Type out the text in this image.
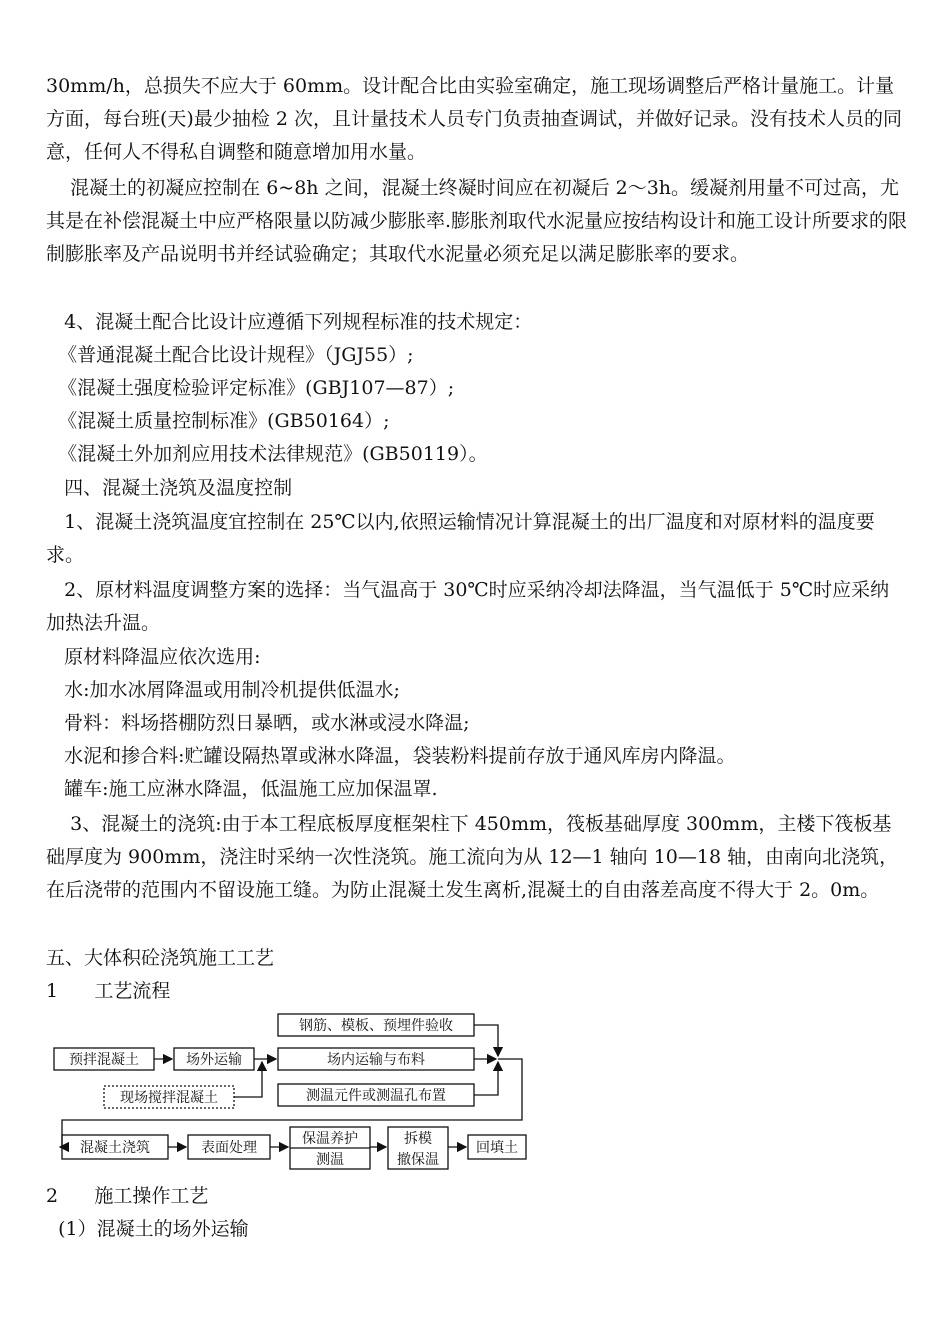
30mm/h，总损失不应大于 60mm。设计配合比由实验室确定，施工现场调整后严格计量施工。计量方面，每台班(天)最少抽检 2 次，且计量技术人员专门负责抽查调试，并做好记录。没有技术人员的同意，任何人不得私自调整和随意增加用水量。

混凝土的初凝应控制在 6~8h 之间，混凝土终凝时间应在初凝后 2～3h。缓凝剂用量不可过高，尤其是在补偿混凝土中应严格限量以防减少膨胀率.膨胀剂取代水泥量应按结构设计和施工设计所要求的限制膨胀率及产品说明书并经试验确定；其取代水泥量必须充足以满足膨胀率的要求。

4、混凝土配合比设计应遵循下列规程标准的技术规定：

《普通混凝土配合比设计规程》（JGJ55）;

《混凝土强度检验评定标准》(GBJ107—87）;

《混凝土质量控制标准》(GB50164）;

《混凝土外加剂应用技术法律规范》(GB50119）。

四、混凝土浇筑及温度控制

1、混凝土浇筑温度宜控制在 25℃以内,依照运输情况计算混凝土的出厂温度和对原材料的温度要求。

2、原材料温度调整方案的选择：当气温高于 30℃时应采纳冷却法降温，当气温低于 5℃时应采纳加热法升温。

原材料降温应依次选用:

水:加水冰屑降温或用制冷机提供低温水;

骨料：料场搭棚防烈日暴晒，或水淋或浸水降温;

水泥和掺合料:贮罐设隔热罩或淋水降温，袋装粉料提前存放于通风库房内降温。

罐车:施工应淋水降温，低温施工应加保温罩.

3、混凝土的浇筑:由于本工程底板厚度框架柱下 450mm，筏板基础厚度 300mm，主楼下筏板基础厚度为 900mm，浇注时采纳一次性浇筑。施工流向为从 12—1 轴向 10—18 轴，由南向北浇筑，在后浇带的范围内不留设施工缝。为防止混凝土发生离析,混凝土的自由落差高度不得大于 2。0m。

五、大体积砼浇筑施工工艺

1      工艺流程

预拌混凝土	场外运输
现场搅拌混凝土
钢筋、模板、预埋件验收
场内运输与布料
测温元件或测温孔布置
混凝土浇筑	表面处理
保温养护
测温
拆模
撤保温
回填土

2      施工操作工艺

(1）混凝土的场外运输
